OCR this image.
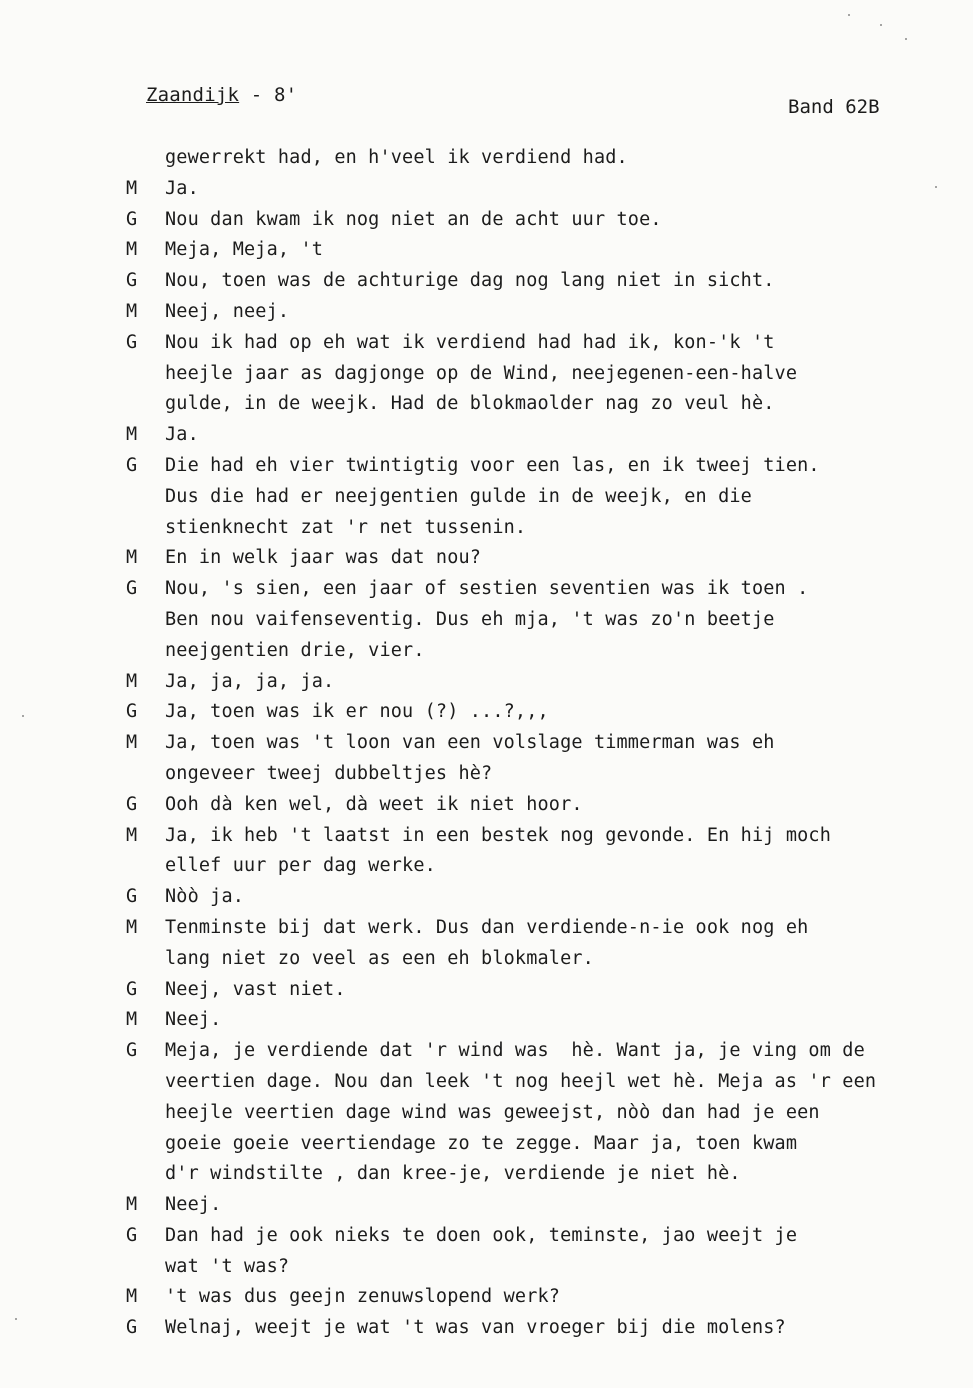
Zaandijk - 8'
Band 62B
gewerrekt had, en h'veel ik verdiend had.
M	Ja.
G	Nou dan kwam ik nog niet an de acht uur toe.
M	Meja, Meja, 't
G	Nou, toen was de achturige dag nog lang niet in sicht.
M	Neej, neej.
G	Nou ik had op eh wat ik verdiend had had ik, kon-'k 't
heejle jaar as dagjonge op de Wind, neejegenen-een-halve
gulde, in de weejk. Had de blokmaolder nag zo veul hè.
M	Ja.
G	Die had eh vier twintigtig voor een las, en ik tweej tien.
Dus die had er neejgentien gulde in de weejk, en die
stienknecht zat 'r net tussenin.
M	En in welk jaar was dat nou?
G	Nou, 's sien, een jaar of sestien seventien was ik toen .
Ben nou vaifenseventig. Dus eh mja, 't was zo'n beetje
neejgentien drie, vier.
M	Ja, ja, ja, ja.
G	Ja, toen was ik er nou (?) ...?,,,
M	Ja, toen was 't loon van een volslage timmerman was eh
ongeveer tweej dubbeltjes hè?
G	Ooh dà ken wel, dà weet ik niet hoor.
M	Ja, ik heb 't laatst in een bestek nog gevonde. En hij moch
ellef uur per dag werke.
G	Nòò ja.
M	Tenminste bij dat werk. Dus dan verdiende-n-ie ook nog eh
lang niet zo veel as een eh blokmaler.
G	Neej, vast niet.
M	Neej.
G	Meja, je verdiende dat 'r wind was  hè. Want ja, je ving om de
veertien dage. Nou dan leek 't nog heejl wet hè. Meja as 'r een
heejle veertien dage wind was geweejst, nòò dan had je een
goeie goeie veertiendage zo te zegge. Maar ja, toen kwam
d'r windstilte , dan kree-je, verdiende je niet hè.
M	Neej.
G	Dan had je ook nieks te doen ook, teminste, jao weejt je
wat 't was?
M	't was dus geejn zenuwslopend werk?
G	Welnaj, weejt je wat 't was van vroeger bij die molens?
